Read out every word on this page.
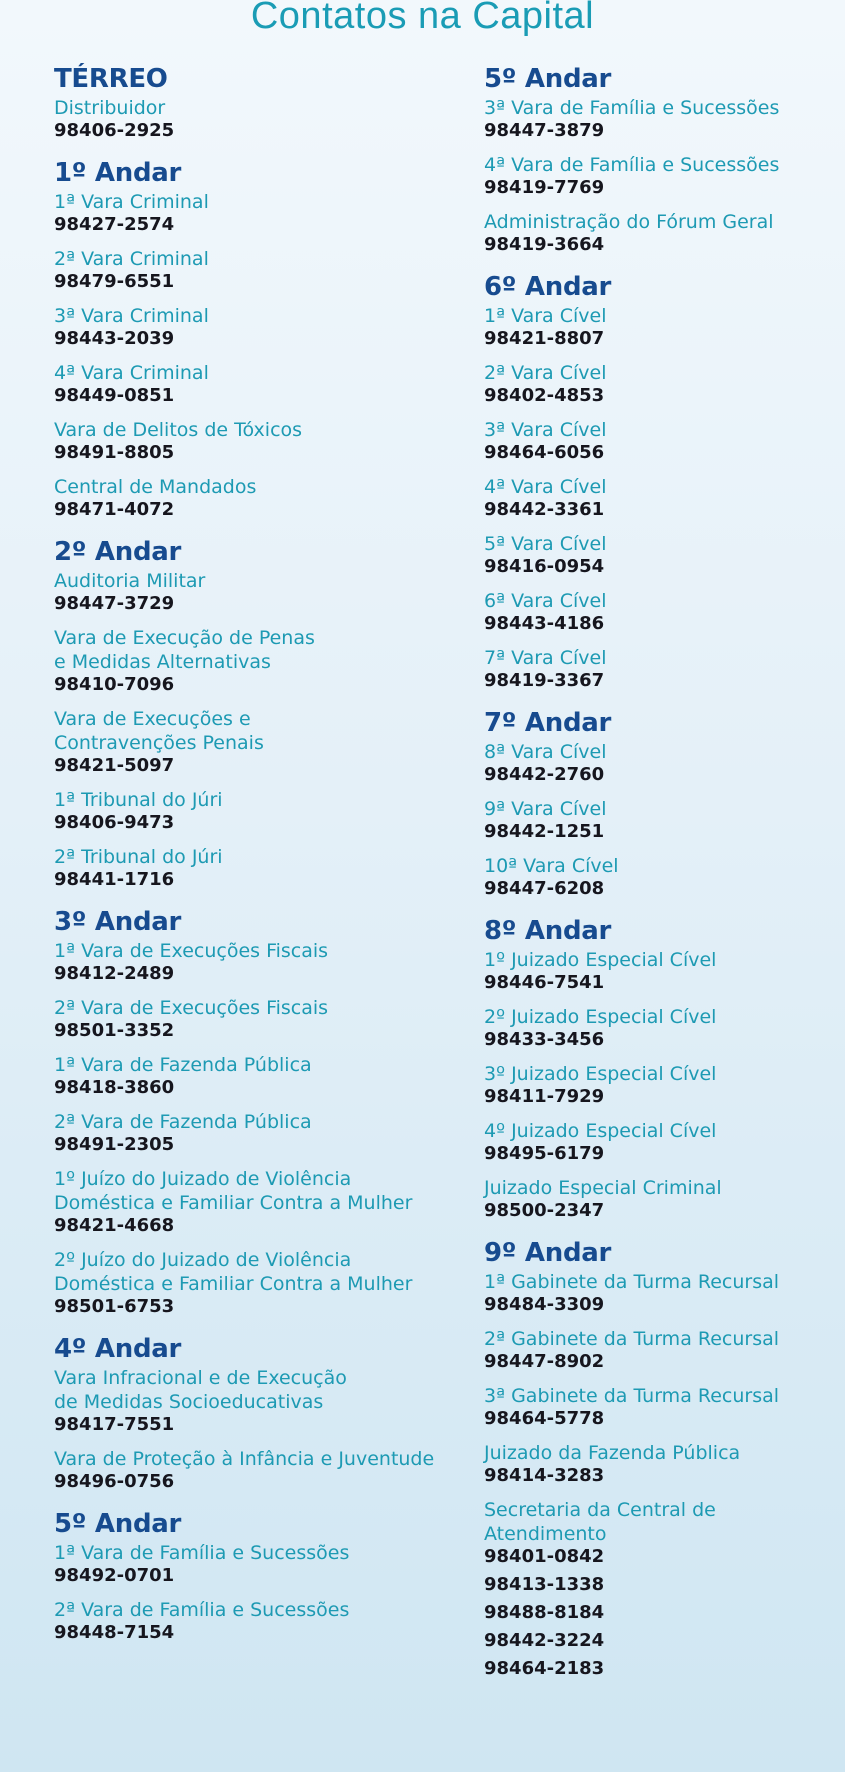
Contatos na Capital
TÉRREO
Distribuidor
98406-2925
1º Andar
1ª Vara Criminal
98427-2574
2ª Vara Criminal
98479-6551
3ª Vara Criminal
98443-2039
4ª Vara Criminal
98449-0851
Vara de Delitos de Tóxicos
98491-8805
Central de Mandados
98471-4072
2º Andar
Auditoria Militar
98447-3729
Vara de Execução de Penas
e Medidas Alternativas
98410-7096
Vara de Execuções e
Contravenções Penais
98421-5097
1ª Tribunal do Júri
98406-9473
2ª Tribunal do Júri
98441-1716
3º Andar
1ª Vara de Execuções Fiscais
98412-2489
2ª Vara de Execuções Fiscais
98501-3352
1ª Vara de Fazenda Pública
98418-3860
2ª Vara de Fazenda Pública
98491-2305
1º Juízo do Juizado de Violência
Doméstica e Familiar Contra a Mulher
98421-4668
2º Juízo do Juizado de Violência
Doméstica e Familiar Contra a Mulher
98501-6753
4º Andar
Vara Infracional e de Execução
de Medidas Socioeducativas
98417-7551
Vara de Proteção à Infância e Juventude
98496-0756
5º Andar
1ª Vara de Família e Sucessões
98492-0701
2ª Vara de Família e Sucessões
98448-7154
5º Andar
3ª Vara de Família e Sucessões
98447-3879
4ª Vara de Família e Sucessões
98419-7769
Administração do Fórum Geral
98419-3664
6º Andar
1ª Vara Cível
98421-8807
2ª Vara Cível
98402-4853
3ª Vara Cível
98464-6056
4ª Vara Cível
98442-3361
5ª Vara Cível
98416-0954
6ª Vara Cível
98443-4186
7ª Vara Cível
98419-3367
7º Andar
8ª Vara Cível
98442-2760
9ª Vara Cível
98442-1251
10ª Vara Cível
98447-6208
8º Andar
1º Juizado Especial Cível
98446-7541
2º Juizado Especial Cível
98433-3456
3º Juizado Especial Cível
98411-7929
4º Juizado Especial Cível
98495-6179
Juizado Especial Criminal
98500-2347
9º Andar
1ª Gabinete da Turma Recursal
98484-3309
2ª Gabinete da Turma Recursal
98447-8902
3ª Gabinete da Turma Recursal
98464-5778
Juizado da Fazenda Pública
98414-3283
Secretaria da Central de
Atendimento
98401-0842
98413-1338
98488-8184
98442-3224
98464-2183
